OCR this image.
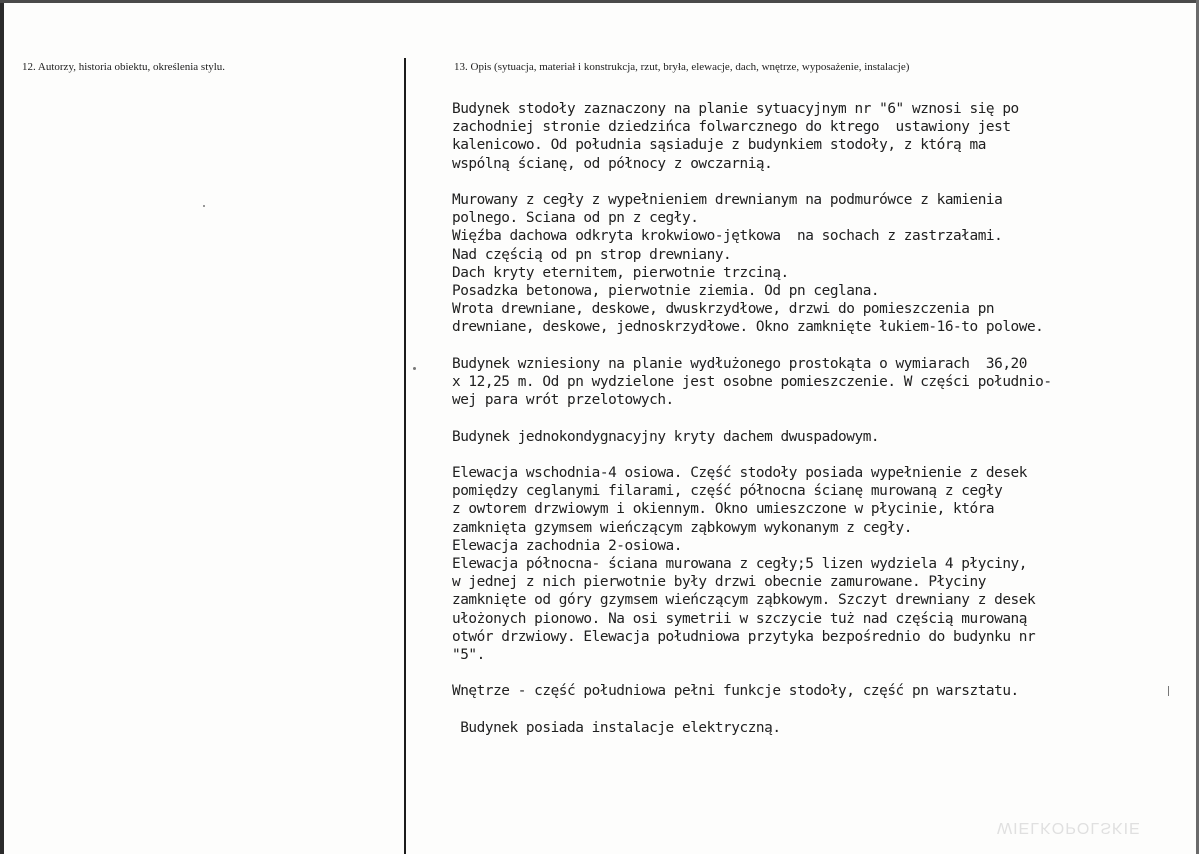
12. Autorzy, historia obiektu, określenia stylu.	13. Opis (sytuacja, materiał i konstrukcja, rzut, bryła, elewacje, dach, wnętrze, wyposażenie, instalacje)
Budynek stodoły zaznaczony na planie sytuacyjnym nr "6" wznosi się po
zachodniej stronie dziedzińca folwarcznego do ktrego  ustawiony jest
kalenicowo. Od południa sąsiaduje z budynkiem stodoły, z którą ma
wspólną ścianę, od północy z owczarnią.
Murowany z cegły z wypełnieniem drewnianym na podmurówce z kamienia
polnego. Sciana od pn z cegły.
Więźba dachowa odkryta krokwiowo-jętkowa  na sochach z zastrzałami.
Nad częścią od pn strop drewniany.
Dach kryty eternitem, pierwotnie trzciną.
Posadzka betonowa, pierwotnie ziemia. Od pn ceglana.
Wrota drewniane, deskowe, dwuskrzydłowe, drzwi do pomieszczenia pn
drewniane, deskowe, jednoskrzydłowe. Okno zamknięte łukiem-16-to polowe.
Budynek wzniesiony na planie wydłużonego prostokąta o wymiarach  36,20
x 12,25 m. Od pn wydzielone jest osobne pomieszczenie. W części południo-
wej para wrót przelotowych.
Budynek jednokondygnacyjny kryty dachem dwuspadowym.
Elewacja wschodnia-4 osiowa. Część stodoły posiada wypełnienie z desek
pomiędzy ceglanymi filarami, część północna ścianę murowaną z cegły
z owtorem drzwiowym i okiennym. Okno umieszczone w płycinie, która
zamknięta gzymsem wieńczącym ząbkowym wykonanym z cegły.
Elewacja zachodnia 2-osiowa.
Elewacja północna- ściana murowana z cegły;5 lizen wydziela 4 płyciny,
w jednej z nich pierwotnie były drzwi obecnie zamurowane. Płyciny
zamknięte od góry gzymsem wieńczącym ząbkowym. Szczyt drewniany z desek
ułożonych pionowo. Na osi symetrii w szczycie tuż nad częścią murowaną
otwór drzwiowy. Elewacja południowa przytyka bezpośrednio do budynku nr
"5".
Wnętrze - część południowa pełni funkcje stodoły, część pn warsztatu.
Budynek posiada instalacje elektryczną.
WIELKOPOLSKIE
